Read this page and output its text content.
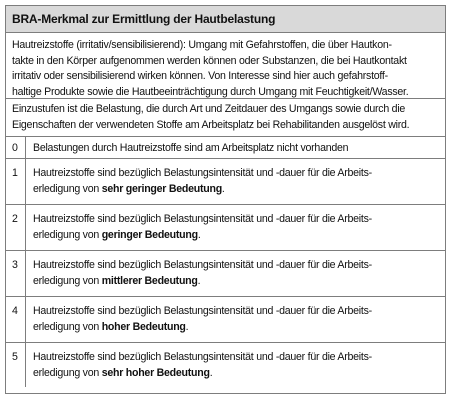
BRA-Merkmal zur Ermittlung der Hautbelastung
Hautreizstoffe (irritativ/sensibilisierend): Umgang mit Gefahrstoffen, die über Hautkon-
takte in den Körper aufgenommen werden können oder Substanzen, die bei Hautkontakt
irritativ oder sensibilisierend wirken können. Von Interesse sind hier auch gefahrstoff-
haltige Produkte sowie die Hautbeeinträchtigung durch Umgang mit Feuchtigkeit/Wasser.
Einzustufen ist die Belastung, die durch Art und Zeitdauer des Umgangs sowie durch die
Eigenschaften der verwendeten Stoffe am Arbeitsplatz bei Rehabilitanden ausgelöst wird.
0	Belastungen durch Hautreizstoffe sind am Arbeitsplatz nicht vorhanden
1	Hautreizstoffe sind bezüglich Belastungsintensität und -dauer für die Arbeits-
erledigung von sehr geringer Bedeutung.
2	Hautreizstoffe sind bezüglich Belastungsintensität und -dauer für die Arbeits-
erledigung von geringer Bedeutung.
3	Hautreizstoffe sind bezüglich Belastungsintensität und -dauer für die Arbeits-
erledigung von mittlerer Bedeutung.
4	Hautreizstoffe sind bezüglich Belastungsintensität und -dauer für die Arbeits-
erledigung von hoher Bedeutung.
5	Hautreizstoffe sind bezüglich Belastungsintensität und -dauer für die Arbeits-
erledigung von sehr hoher Bedeutung.
